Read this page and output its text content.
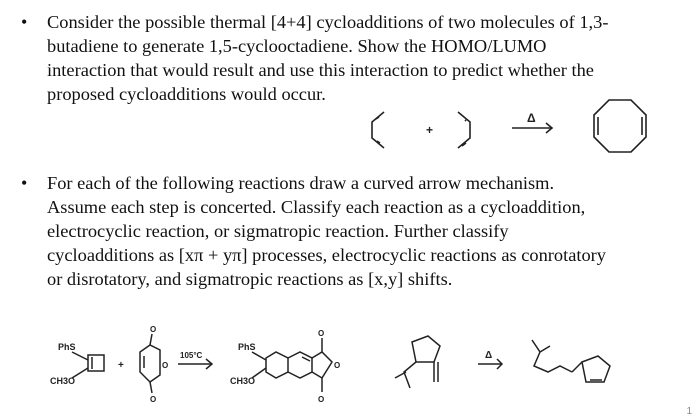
• Consider the possible thermal [4+4] cycloadditions of two molecules of 1,3-
butadiene to generate 1,5-cyclooctadiene. Show the HOMO/LUMO
interaction that would result and use this interaction to predict whether the
proposed cycloadditions would occur.
+
Δ
• For each of the following reactions draw a curved arrow mechanism.
Assume each step is concerted. Classify each reaction as a cycloaddition,
electrocyclic reaction, or sigmatropic reaction. Further classify
cycloadditions as [xπ + yπ] processes, electrocyclic reactions as conrotatory
or disrotatory, and sigmatropic reactions as [x,y] shifts.
PhS
CH3O
+
O
O
O
105°C
PhS
CH3O
O
O
O
Δ
1
